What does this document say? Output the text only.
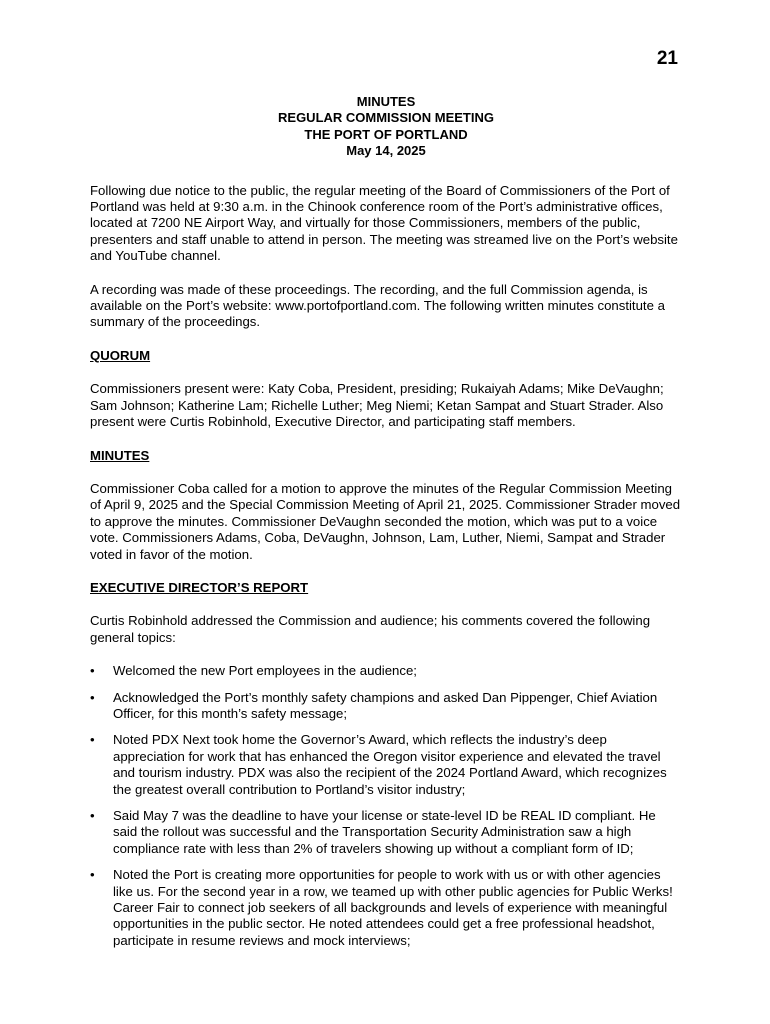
21
MINUTES
REGULAR COMMISSION MEETING
THE PORT OF PORTLAND
May 14, 2025

Following due notice to the public, the regular meeting of the Board of Commissioners of the Port of Portland was held at 9:30 a.m. in the Chinook conference room of the Port’s administrative offices, located at 7200 NE Airport Way, and virtually for those Commissioners, members of the public, presenters and staff unable to attend in person. The meeting was streamed live on the Port’s website and YouTube channel.

A recording was made of these proceedings. The recording, and the full Commission agenda, is available on the Port’s website: www.portofportland.com. The following written minutes constitute a summary of the proceedings.

QUORUM

Commissioners present were: Katy Coba, President, presiding; Rukaiyah Adams; Mike DeVaughn; Sam Johnson; Katherine Lam; Richelle Luther; Meg Niemi; Ketan Sampat and Stuart Strader. Also present were Curtis Robinhold, Executive Director, and participating staff members.

MINUTES

Commissioner Coba called for a motion to approve the minutes of the Regular Commission Meeting of April 9, 2025 and the Special Commission Meeting of April 21, 2025. Commissioner Strader moved to approve the minutes. Commissioner DeVaughn seconded the motion, which was put to a voice vote. Commissioners Adams, Coba, DeVaughn, Johnson, Lam, Luther, Niemi, Sampat and Strader voted in favor of the motion.

EXECUTIVE DIRECTOR’S REPORT

Curtis Robinhold addressed the Commission and audience; his comments covered the following general topics:

•	Welcomed the new Port employees in the audience;
•	Acknowledged the Port’s monthly safety champions and asked Dan Pippenger, Chief Aviation Officer, for this month’s safety message;
•	Noted PDX Next took home the Governor’s Award, which reflects the industry’s deep appreciation for work that has enhanced the Oregon visitor experience and elevated the travel and tourism industry. PDX was also the recipient of the 2024 Portland Award, which recognizes the greatest overall contribution to Portland’s visitor industry;
•	Said May 7 was the deadline to have your license or state-level ID be REAL ID compliant. He said the rollout was successful and the Transportation Security Administration saw a high compliance rate with less than 2% of travelers showing up without a compliant form of ID;
•	Noted the Port is creating more opportunities for people to work with us or with other agencies like us. For the second year in a row, we teamed up with other public agencies for Public Werks! Career Fair to connect job seekers of all backgrounds and levels of experience with meaningful opportunities in the public sector. He noted attendees could get a free professional headshot, participate in resume reviews and mock interviews;
